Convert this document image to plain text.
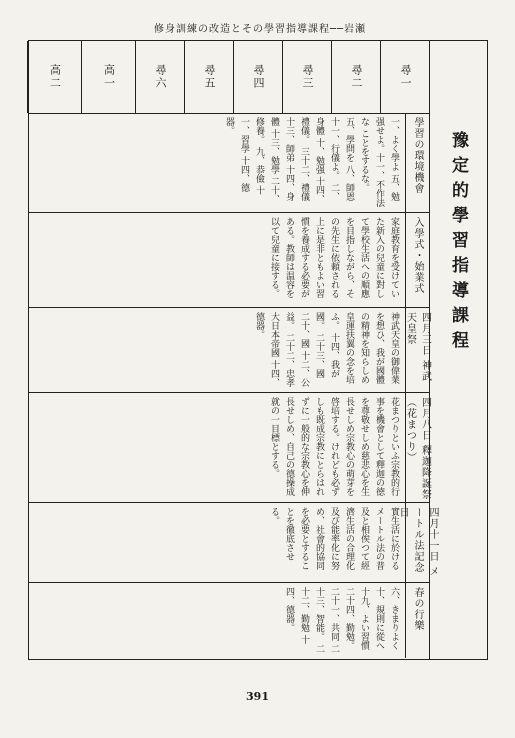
修身訓練の改造とその學習指導課程──岩瀬
豫定的學習指導課程
尋一
尋二
尋三
尋四
尋五
尋六
高一
高二
學習の環境機會
一、よく學よ 五、勉强せよ。十一、不作法な ことをするな。 五、學問を 八、師恩 十一、行儀よ。 二、身體 十、勉强 十四、禮儀。 三十二、禮儀 十三、師弟 十四、身體 十三、勉學 二十、修養。 九、恭儉 十一、習學 十四、德器。
入學式・始業式
家庭教育を受けていた新入の兒童に對して學校生活への順應を目指しながら、その先生に依頼される上に是非ともよい習慣を養成する必要がある。教師は温容を以て兒童に接する。
四月三日 神武天皇祭
神武天皇の御偉業を想ひ、我が國體の精神を知らしめ皇運扶翼の念を培ふ。 十四、我が國。 二十三、國 二十、國 十二、公益。 二十二、忠孝 大日本帝國 十四、德器。
四月八日 釋迦降誕祭（花まつり）
花まつりといふ宗教的行事を機會として釋迦の徳を尊敬せしめ慈悲心を生長せしめ宗教心の萌芽を啓培する。けれども必ずしも既成宗教にとらはれずに一般的な宗教心を伸長せしめ、自己の德操成就の一目標とする。
四月十一日 メートル法記念日
實生活に於けるメートル法の普及と相俟つて經濟生活の合理化及び能率化に努め、社會的協同を必要とすることを徹底させる。
春の行樂
六、きまりよく十、規則に從へ 十九、よい習慣 二十四、勤勉。 二十一、共同 二十三、智能。 二十二、勤勉 十四、德器。
391
